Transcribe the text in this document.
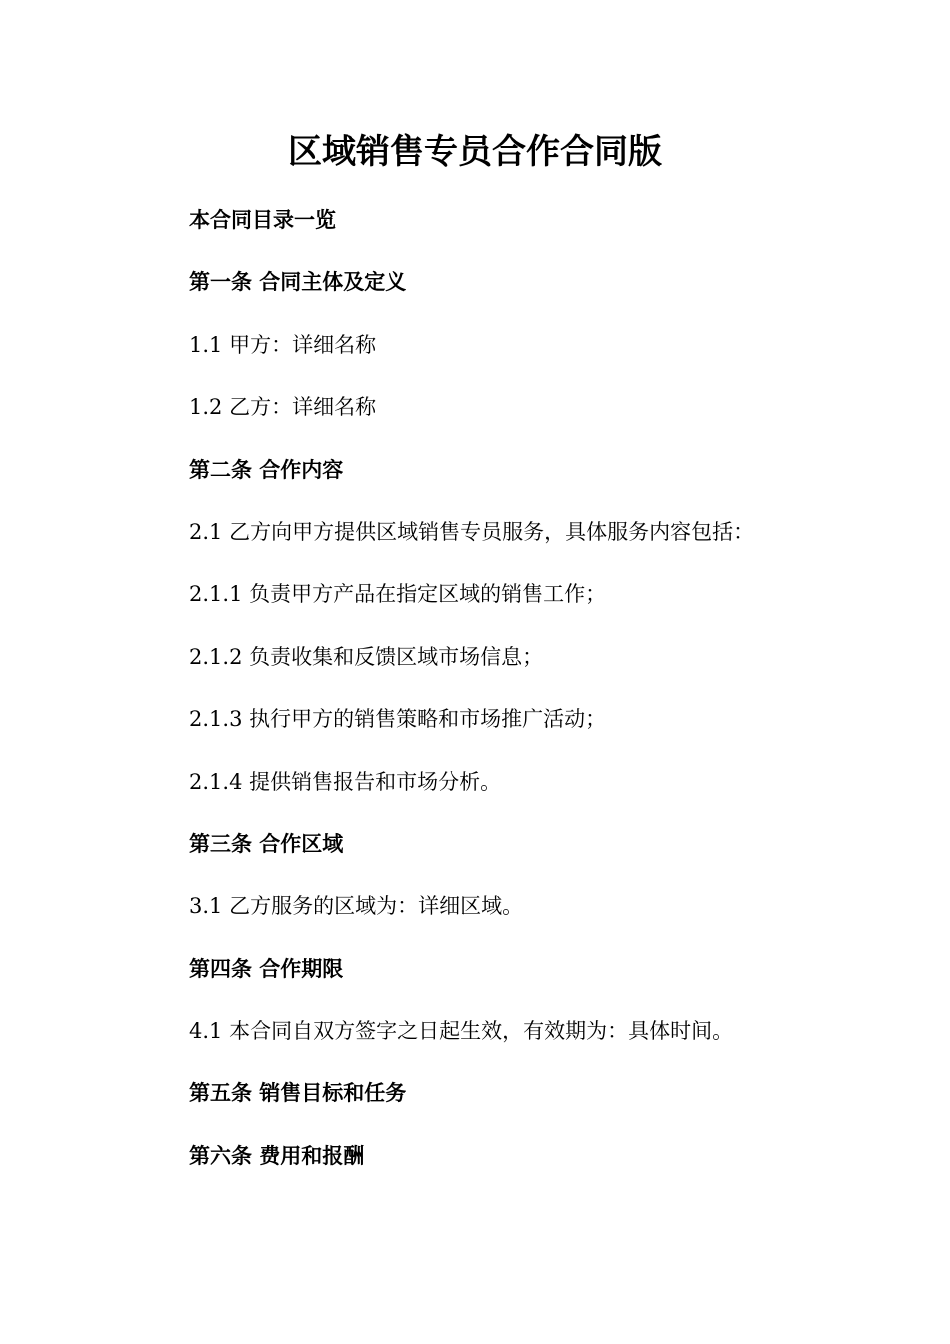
区域销售专员合作合同版
本合同目录一览
第一条 合同主体及定义
1.1 甲方：详细名称
1.2 乙方：详细名称
第二条 合作内容
2.1 乙方向甲方提供区域销售专员服务，具体服务内容包括：
2.1.1 负责甲方产品在指定区域的销售工作；
2.1.2 负责收集和反馈区域市场信息；
2.1.3 执行甲方的销售策略和市场推广活动；
2.1.4 提供销售报告和市场分析。
第三条 合作区域
3.1 乙方服务的区域为：详细区域。
第四条 合作期限
4.1 本合同自双方签字之日起生效，有效期为：具体时间。
第五条 销售目标和任务
第六条 费用和报酬
